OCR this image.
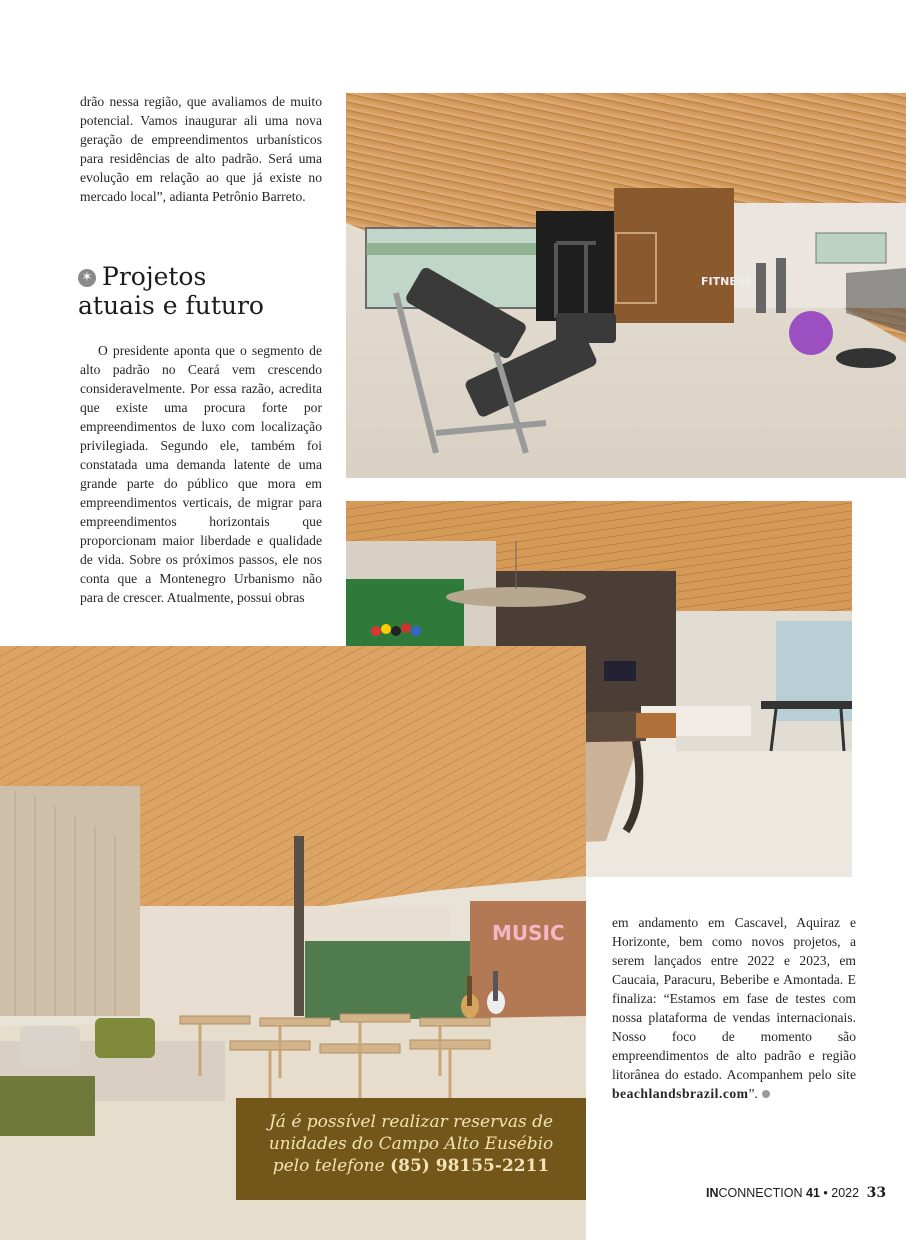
drão nessa região, que avaliamos de muito potencial. Vamos inaugurar ali uma nova geração de empreendimentos urbanísticos para residências de alto padrão. Será uma evolução em relação ao que já existe no mercado local”, adianta Petrônio Barreto.

✶ Projetos
atuais e futuro

O presidente aponta que o segmento de alto padrão no Ceará vem crescendo consideravelmente. Por essa razão, acredita que existe uma procura forte por empreendimentos de luxo com localização privilegiada. Segundo ele, também foi constatada uma demanda latente de uma grande parte do público que mora em empreendimentos verticais, de migrar para empreendimentos horizontais que proporcionam maior liberdade e qualidade de vida. Sobre os próximos passos, ele nos conta que a Montenegro Urbanismo não para de crescer. Atualmente, possui obras

FITNESS
MUSIC
Já é possível realizar reservas de
unidades do Campo Alto Eusébio
pelo telefone (85) 98155-2211

em andamento em Cascavel, Aquiraz e Horizonte, bem como novos projetos, a serem lançados entre 2022 e 2023, em Caucaia, Paracuru, Beberibe e Amontada. E finaliza: “Estamos em fase de testes com nossa plataforma de vendas internacionais. Nosso foco de momento são empreendimentos de alto padrão e região litorânea do estado. Acompanhem pelo site beachlandsbrazil.com”.

INCONNECTION 41 • 2022 33
